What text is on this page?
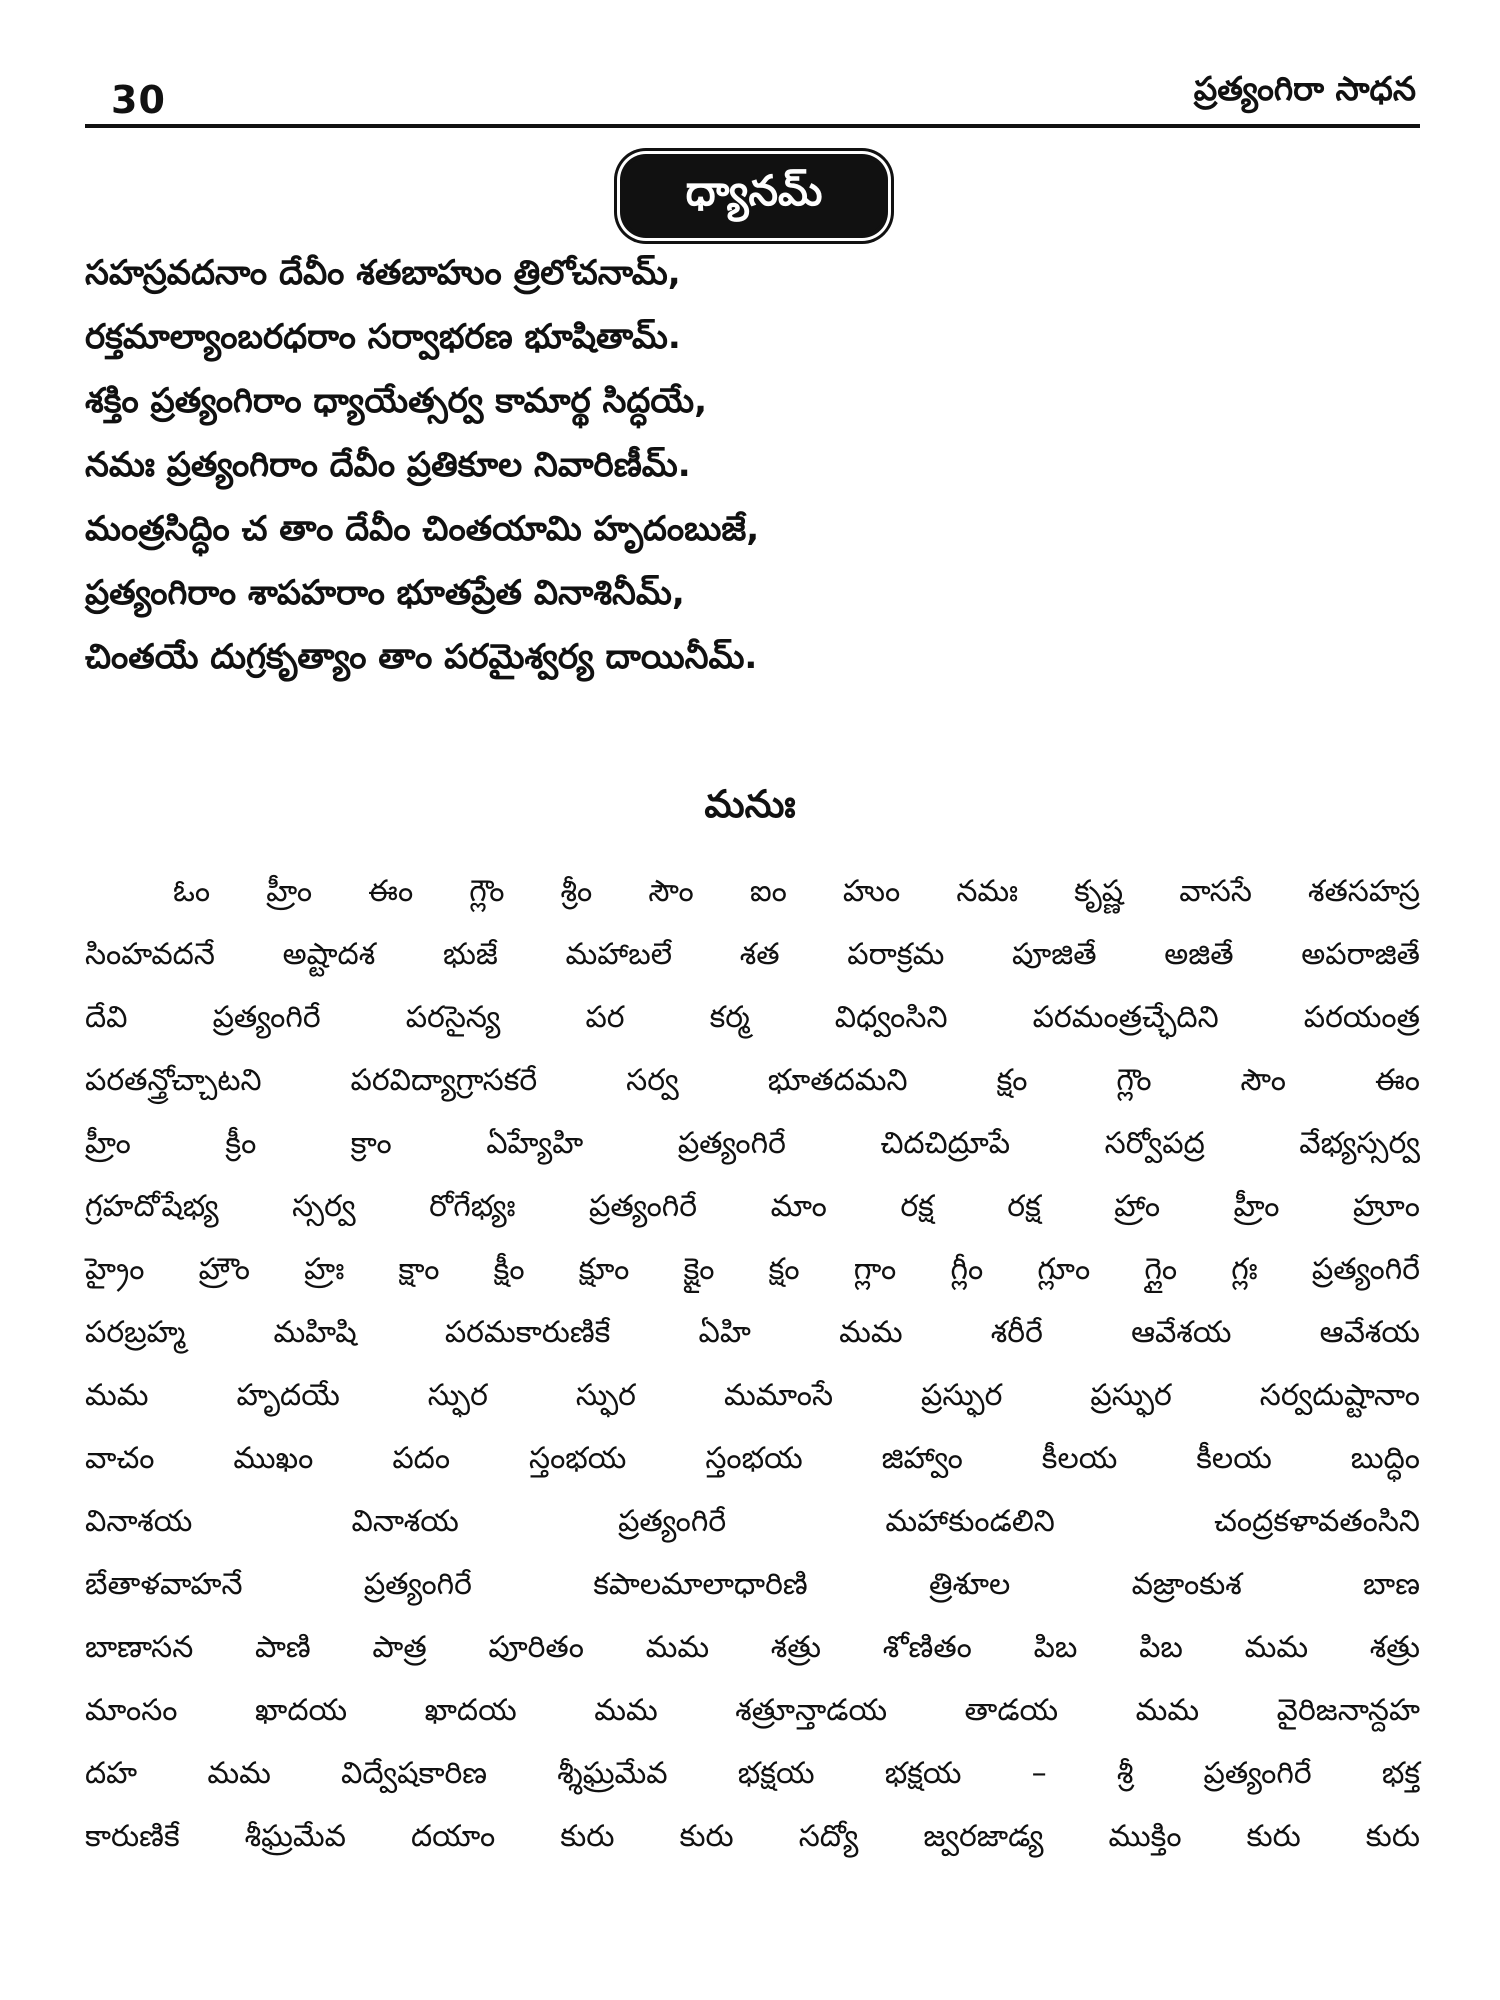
30	ప్రత్యంగిరా సాధన
ధ్యానమ్
సహస్రవదనాం దేవీం శతబాహుం త్రిలోచనామ్,
రక్తమాల్యాంబరధరాం సర్వాభరణ భూషితామ్.
శక్తిం ప్రత్యంగిరాం ధ్యాయేత్సర్వ కామార్థ సిద్ధయే,
నమః ప్రత్యంగిరాం దేవీం ప్రతికూల నివారిణీమ్.
మంత్రసిద్ధిం చ తాం దేవీం చింతయామి హృదంబుజే,
ప్రత్యంగిరాం శాపహరాం భూతప్రేత వినాశినీమ్,
చింతయే దుగ్రకృత్యాం తాం పరమైశ్వర్య దాయినీమ్.
మనుః
ఓం హ్రీం ఈం గ్లౌం శ్రీం సౌం ఐం హుం నమః కృష్ణ వాససే శతసహస్ర
సింహవదనే అష్టాదశ భుజే మహాబలే శత పరాక్రమ పూజితే అజితే అపరాజితే
దేవి ప్రత్యంగిరే పరసైన్య పర కర్మ విధ్వంసిని పరమంత్రచ్ఛేదిని పరయంత్ర
పరతన్త్రోచ్చాటని పరవిద్యాగ్రాసకరే సర్వ భూతదమని క్షం గ్లౌం సౌం ఈం
హ్రీం క్రీం క్రాం ఏహ్యేహి ప్రత్యంగిరే చిదచిద్రూపే సర్వోపద్ర వేభ్యస్సర్వ
గ్రహదోషేభ్య స్సర్వ రోగేభ్యః ప్రత్యంగిరే మాం రక్ష రక్ష హ్రాం హ్రీం హ్రూం
హ్రైం హ్రౌం హ్రః క్షాం క్షీం క్షూం క్షైం క్షం గ్లాం గ్లీం గ్లూం గ్లైం గ్లః ప్రత్యంగిరే
పరబ్రహ్మ మహిషి పరమకారుణికే ఏహి మమ శరీరే ఆవేశయ ఆవేశయ
మమ హృదయే స్ఫుర స్ఫుర మమాంసే ప్రస్ఫుర ప్రస్ఫుర సర్వదుష్టానాం
వాచం ముఖం పదం స్తంభయ స్తంభయ జిహ్వాం కీలయ కీలయ బుద్ధిం
వినాశయ వినాశయ ప్రత్యంగిరే మహాకుండలిని చంద్రకళావతంసిని
బేతాళవాహనే ప్రత్యంగిరే కపాలమాలాధారిణి త్రిశూల వజ్రాంకుశ బాణ
బాణాసన పాణి పాత్ర పూరితం మమ శత్రు శోణితం పిబ పిబ మమ శత్రు
మాంసం ఖాదయ ఖాదయ మమ శత్రూన్తాడయ తాడయ మమ వైరిజనాన్దహ
దహ మమ విద్వేషకారిణ శ్శీఘ్రమేవ భక్షయ భక్షయ – శ్రీ ప్రత్యంగిరే భక్త
కారుణికే శీఘ్రమేవ దయాం కురు కురు సద్యో జ్వరజాడ్య ముక్తిం కురు కురు
